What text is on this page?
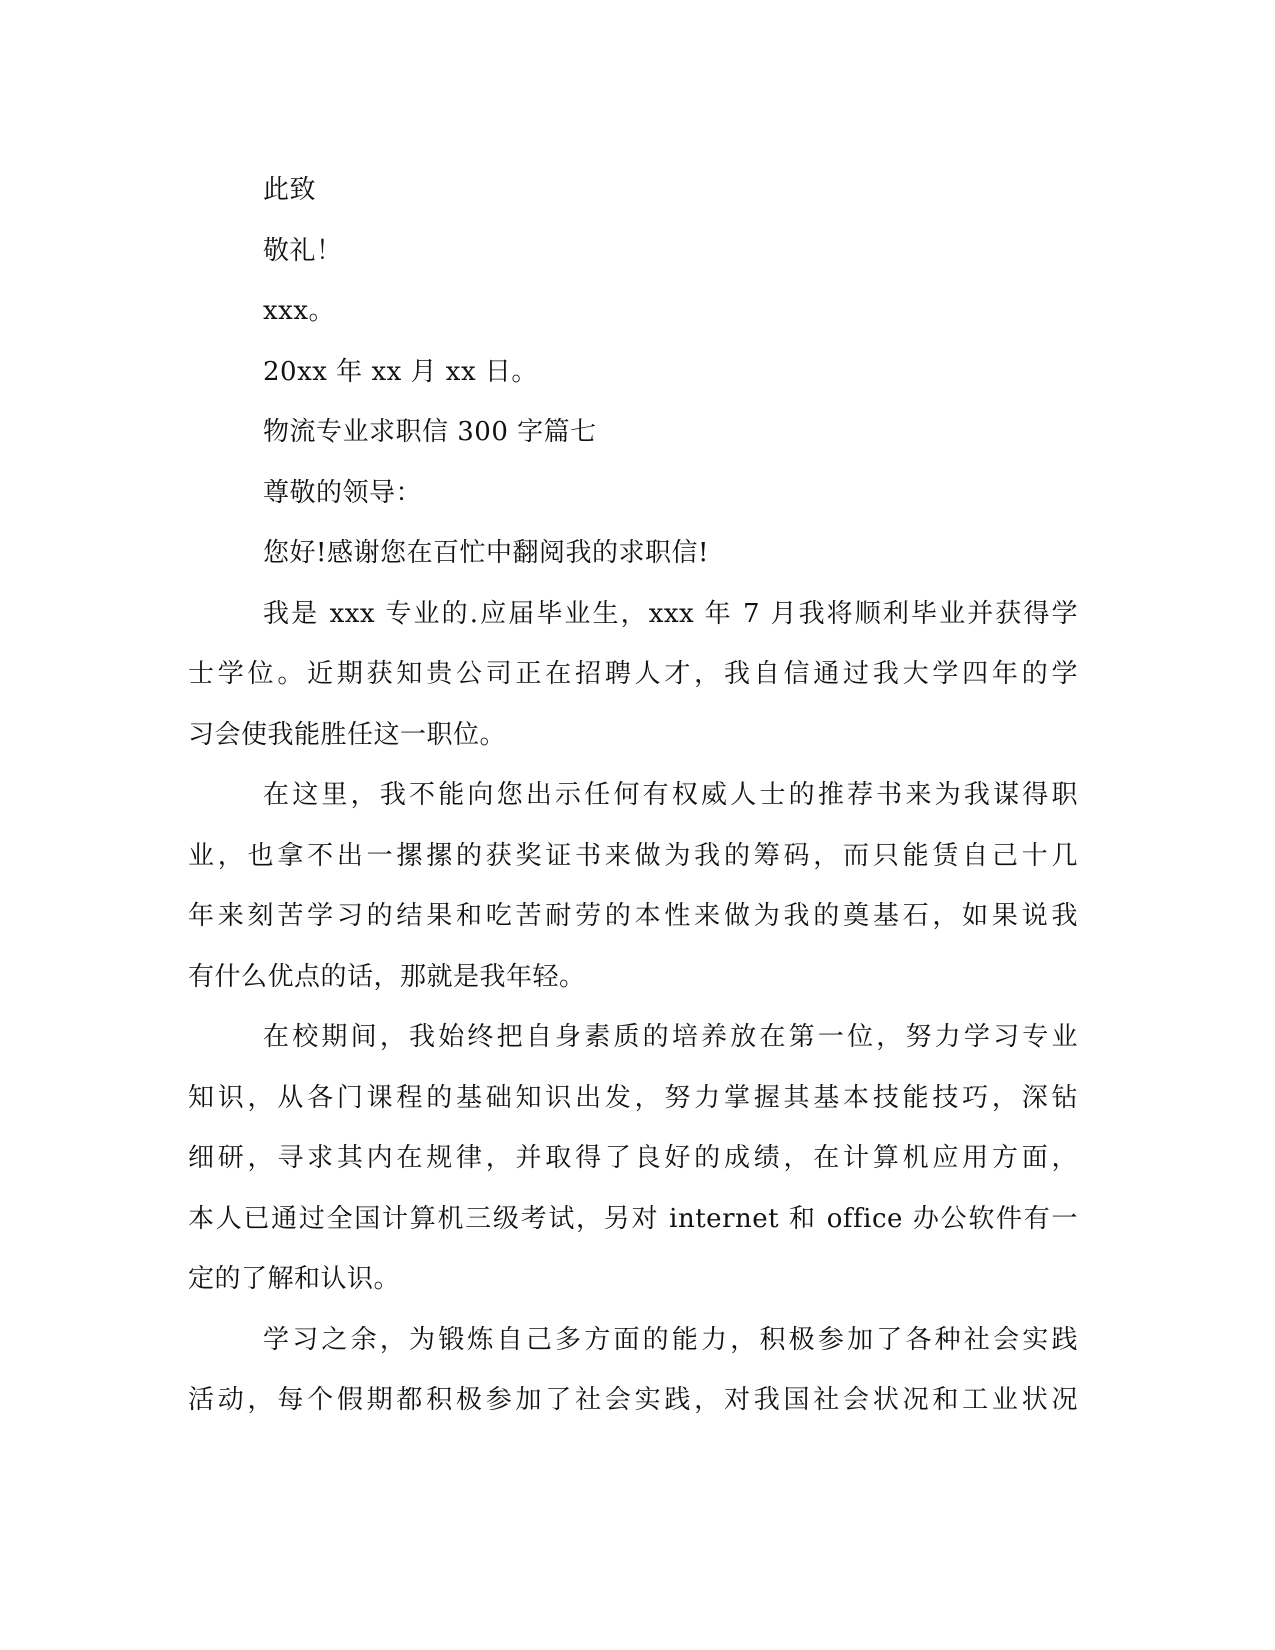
此致
敬礼！
xxx。
20xx 年 xx 月 xx 日。
物流专业求职信 300 字篇七
尊敬的领导：
您好!感谢您在百忙中翻阅我的求职信!
我是 xxx 专业的.应届毕业生，xxx 年 7 月我将顺利毕业并获得学
士学位。近期获知贵公司正在招聘人才，我自信通过我大学四年的学
习会使我能胜任这一职位。
在这里，我不能向您出示任何有权威人士的推荐书来为我谋得职
业，也拿不出一摞摞的获奖证书来做为我的筹码，而只能赁自己十几
年来刻苦学习的结果和吃苦耐劳的本性来做为我的奠基石，如果说我
有什么优点的话，那就是我年轻。
在校期间，我始终把自身素质的培养放在第一位，努力学习专业
知识，从各门课程的基础知识出发，努力掌握其基本技能技巧，深钻
细研，寻求其内在规律，并取得了良好的成绩，在计算机应用方面，
本人已通过全国计算机三级考试，另对 internet 和 office 办公软件有一
定的了解和认识。
学习之余，为锻炼自己多方面的能力，积极参加了各种社会实践
活动，每个假期都积极参加了社会实践，对我国社会状况和工业状况
